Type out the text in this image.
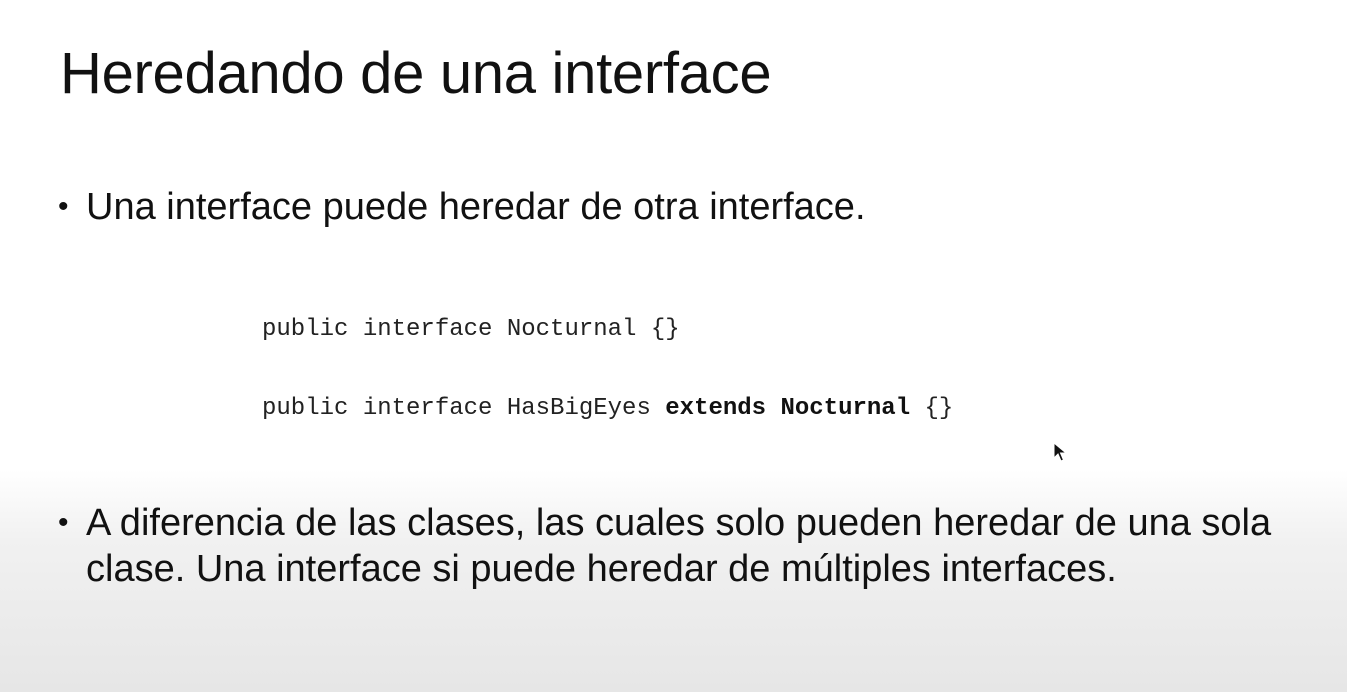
Heredando de una interface
• Una interface puede heredar de otra interface.
public interface Nocturnal {}
public interface HasBigEyes extends Nocturnal {}
• A diferencia de las clases, las cuales solo pueden heredar de una sola clase. Una interface si puede heredar de múltiples interfaces.
